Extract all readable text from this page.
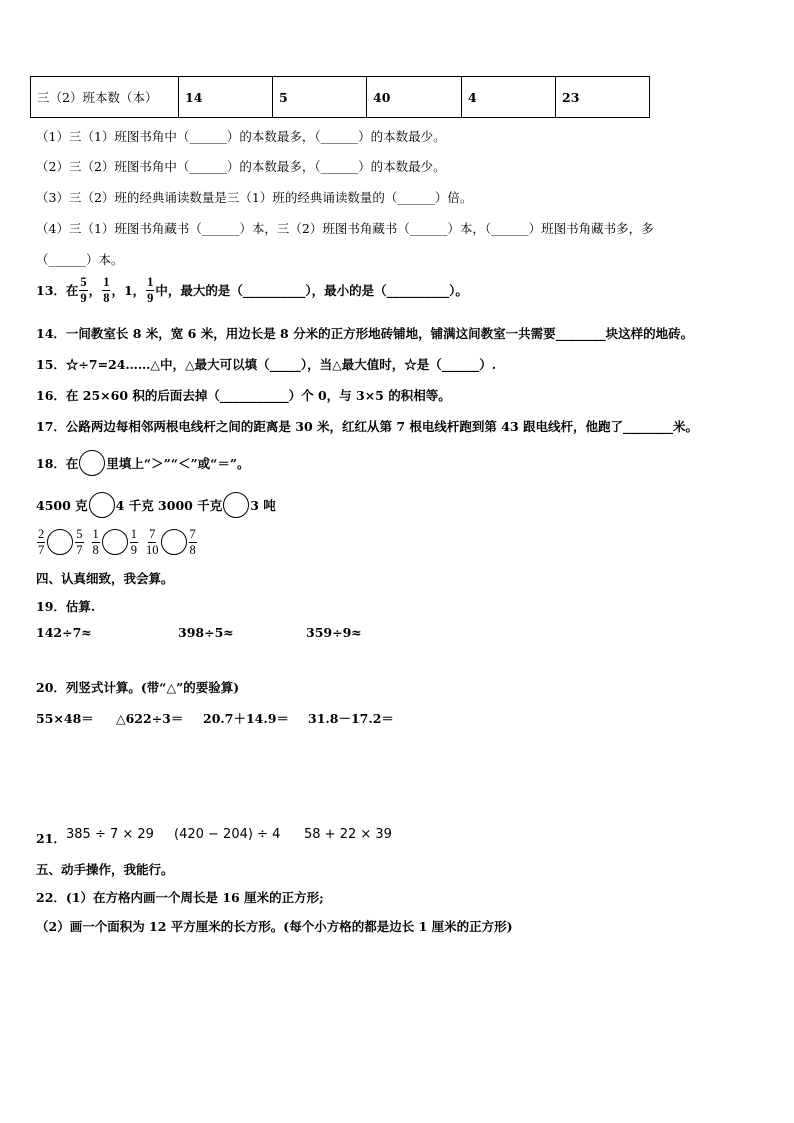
三（2）班本数（本）	14	5	40	4	23
（1）三（1）班图书角中（______）的本数最多，（______）的本数最少。
（2）三（2）班图书角中（______）的本数最多，（______）的本数最少。
（3）三（2）班的经典诵读数量是三（1）班的经典诵读数量的（______）倍。
（4）三（1）班图书角藏书（______）本，三（2）班图书角藏书（______）本，（______）班图书角藏书多，多
（______）本。
13． 在 $\frac{5}{9}$ ， $\frac{1}{8}$ ，1， $\frac{1}{9}$ 中，最大的是（__________），最小的是（__________）。
14．一间教室长 8 米，宽 6 米，用边长是 8 分米的正方形地砖铺地，铺满这间教室一共需要________块这样的地砖。
15．☆÷7=24……△中，△最大可以填（_____），当△最大值时，☆是（______）.
16．在 25×60 积的后面去掉（___________）个 0，与 3×5 的积相等。
17．公路两边每相邻两根电线杆之间的距离是 30 米，红红从第 7 根电线杆跑到第 43 跟电线杆，他跑了________米。
18．在 里填上“＞”“＜”或“＝”。
4500 克 4 千克 3000 千克 3 吨
$\frac{2}{7} \frac{5}{7} \frac{1}{8} \frac{1}{9} \frac{7}{10} \frac{7}{8}$
四、认真细致，我会算。
19．估算.
142÷7≈	398÷5≈	359÷9≈
20．列竖式计算。(带“△”的要验算)
55×48＝ △622÷3＝ 20.7＋14.9＝ 31.8－17.2＝
21． 385 ÷ 7 × 29 (420 − 204) ÷ 4 58 + 22 × 39
五、动手操作，我能行。
22．(1）在方格内画一个周长是 16 厘米的正方形;
（2）画一个面积为 12 平方厘米的长方形。(每个小方格的都是边长 1 厘米的正方形)
